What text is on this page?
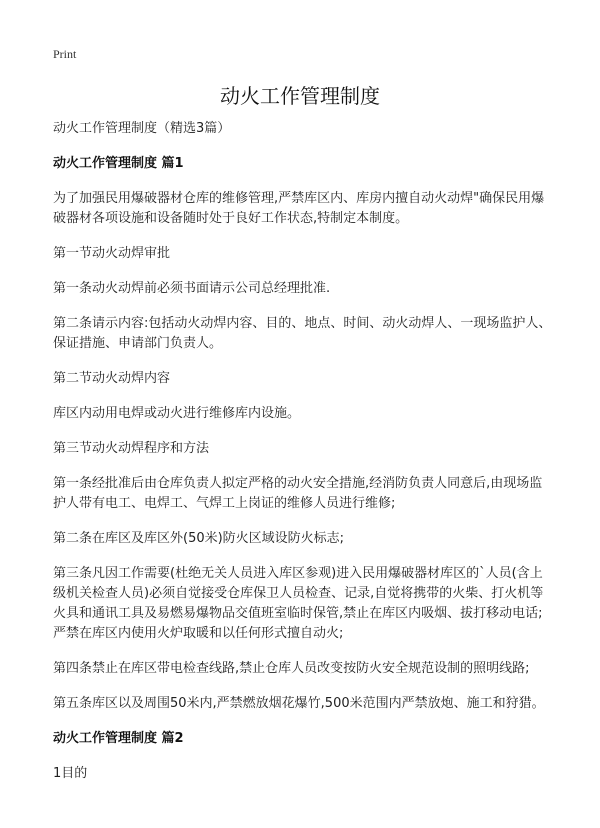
Print
动火工作管理制度

动火工作管理制度（精选3篇）

动火工作管理制度 篇1

为了加强民用爆破器材仓库的维修管理,严禁库区内、库房内擅自动火动焊"确保民用爆破器材各项设施和设备随时处于良好工作状态,特制定本制度。

第一节动火动焊审批

第一条动火动焊前必须书面请示公司总经理批准.

第二条请示内容:包括动火动焊内容、目的、地点、时间、动火动焊人、一现场监护人、保证措施、申请部门负责人。

第二节动火动焊内容

库区内动用电焊或动火进行维修库内设施。

第三节动火动焊程序和方法

第一条经批准后由仓库负责人拟定严格的动火安全措施,经消防负责人同意后,由现场监护人带有电工、电焊工、气焊工上岗证的维修人员进行维修;

第二条在库区及库区外(50米)防火区域设防火标志;

第三条凡因工作需要(杜绝无关人员进入库区参观)进入民用爆破器材库区的`人员(含上级机关检查人员)必须自觉接受仓库保卫人员检查、记录,自觉将携带的火柴、打火机等火具和通讯工具及易燃易爆物品交值班室临时保管,禁止在库区内吸烟、拔打移动电话;严禁在库区内使用火炉取暖和以任何形式擅自动火;

第四条禁止在库区带电检查线路,禁止仓库人员改变按防火安全规范设制的照明线路;

第五条库区以及周围50米内,严禁燃放烟花爆竹,500米范围内严禁放炮、施工和狩猎。

动火工作管理制度 篇2

1目的
